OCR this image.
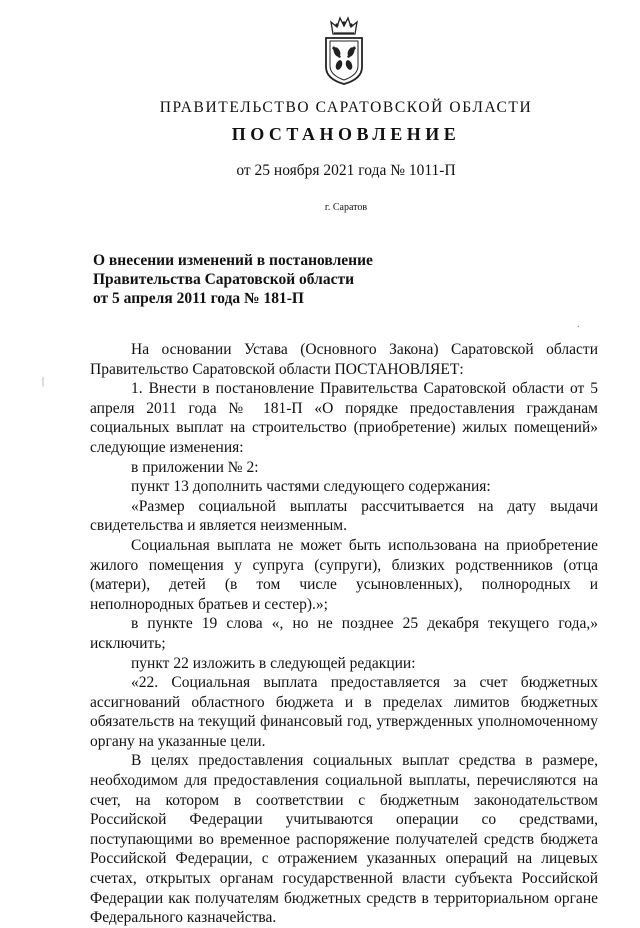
ПРАВИТЕЛЬСТВО САРАТОВСКОЙ ОБЛАСТИ
ПОСТАНОВЛЕНИЕ
от 25 ноября 2021 года № 1011-П
г. Саратов
О внесении изменений в постановление
Правительства Саратовской области
от 5 апреля 2011 года № 181-П

На основании Устава (Основного Закона) Саратовской области Правительство Саратовской области ПОСТАНОВЛЯЕТ:

1. Внести в постановление Правительства Саратовской области от 5 апреля 2011 года № 181-П «О порядке предоставления гражданам социальных выплат на строительство (приобретение) жилых помещений» следующие изменения:

в приложении № 2:

пункт 13 дополнить частями следующего содержания:

«Размер социальной выплаты рассчитывается на дату выдачи свидетельства и является неизменным.

Социальная выплата не может быть использована на приобретение жилого помещения у супруга (супруги), близких родственников (отца (матери), детей (в том числе усыновленных), полнородных и неполнородных братьев и сестер).»;

в пункте 19 слова «, но не позднее 25 декабря текущего года,» исключить;

пункт 22 изложить в следующей редакции:

«22. Социальная выплата предоставляется за счет бюджетных ассигнований областного бюджета и в пределах лимитов бюджетных обязательств на текущий финансовый год, утвержденных уполномоченному органу на указанные цели.

В целях предоставления социальных выплат средства в размере, необходимом для предоставления социальной выплаты, перечисляются на счет, на котором в соответствии с бюджетным законодательством Российской Федерации учитываются операции со средствами, поступающими во временное распоряжение получателей средств бюджета Российской Федерации, с отражением указанных операций на лицевых счетах, открытых органам государственной власти субъекта Российской Федерации как получателям бюджетных средств в территориальном органе Федерального казначейства.

|
.
